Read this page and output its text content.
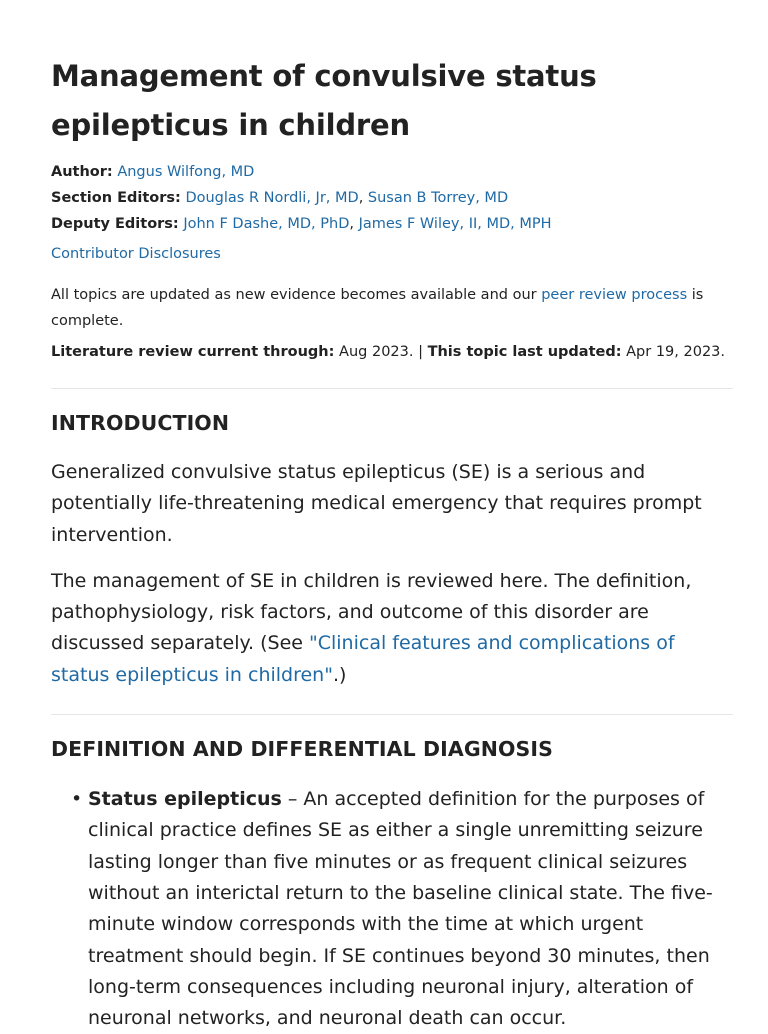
Management of convulsive status epilepticus in children
Author: Angus Wilfong, MD
Section Editors: Douglas R Nordli, Jr, MD, Susan B Torrey, MD
Deputy Editors: John F Dashe, MD, PhD, James F Wiley, II, MD, MPH
Contributor Disclosures
All topics are updated as new evidence becomes available and our peer review process is complete.
Literature review current through: Aug 2023. | This topic last updated: Apr 19, 2023.
INTRODUCTION

Generalized convulsive status epilepticus (SE) is a serious and potentially life-threatening medical emergency that requires prompt intervention.

The management of SE in children is reviewed here. The definition, pathophysiology, risk factors, and outcome of this disorder are discussed separately. (See "Clinical features and complications of status epilepticus in children".)

DEFINITION AND DIFFERENTIAL DIAGNOSIS
• Status epilepticus – An accepted definition for the purposes of clinical practice defines SE as either a single unremitting seizure lasting longer than five minutes or as frequent clinical seizures without an interictal return to the baseline clinical state. The five-minute window corresponds with the time at which urgent treatment should begin. If SE continues beyond 30 minutes, then long-term consequences including neuronal injury, alteration of neuronal networks, and neuronal death can occur.
